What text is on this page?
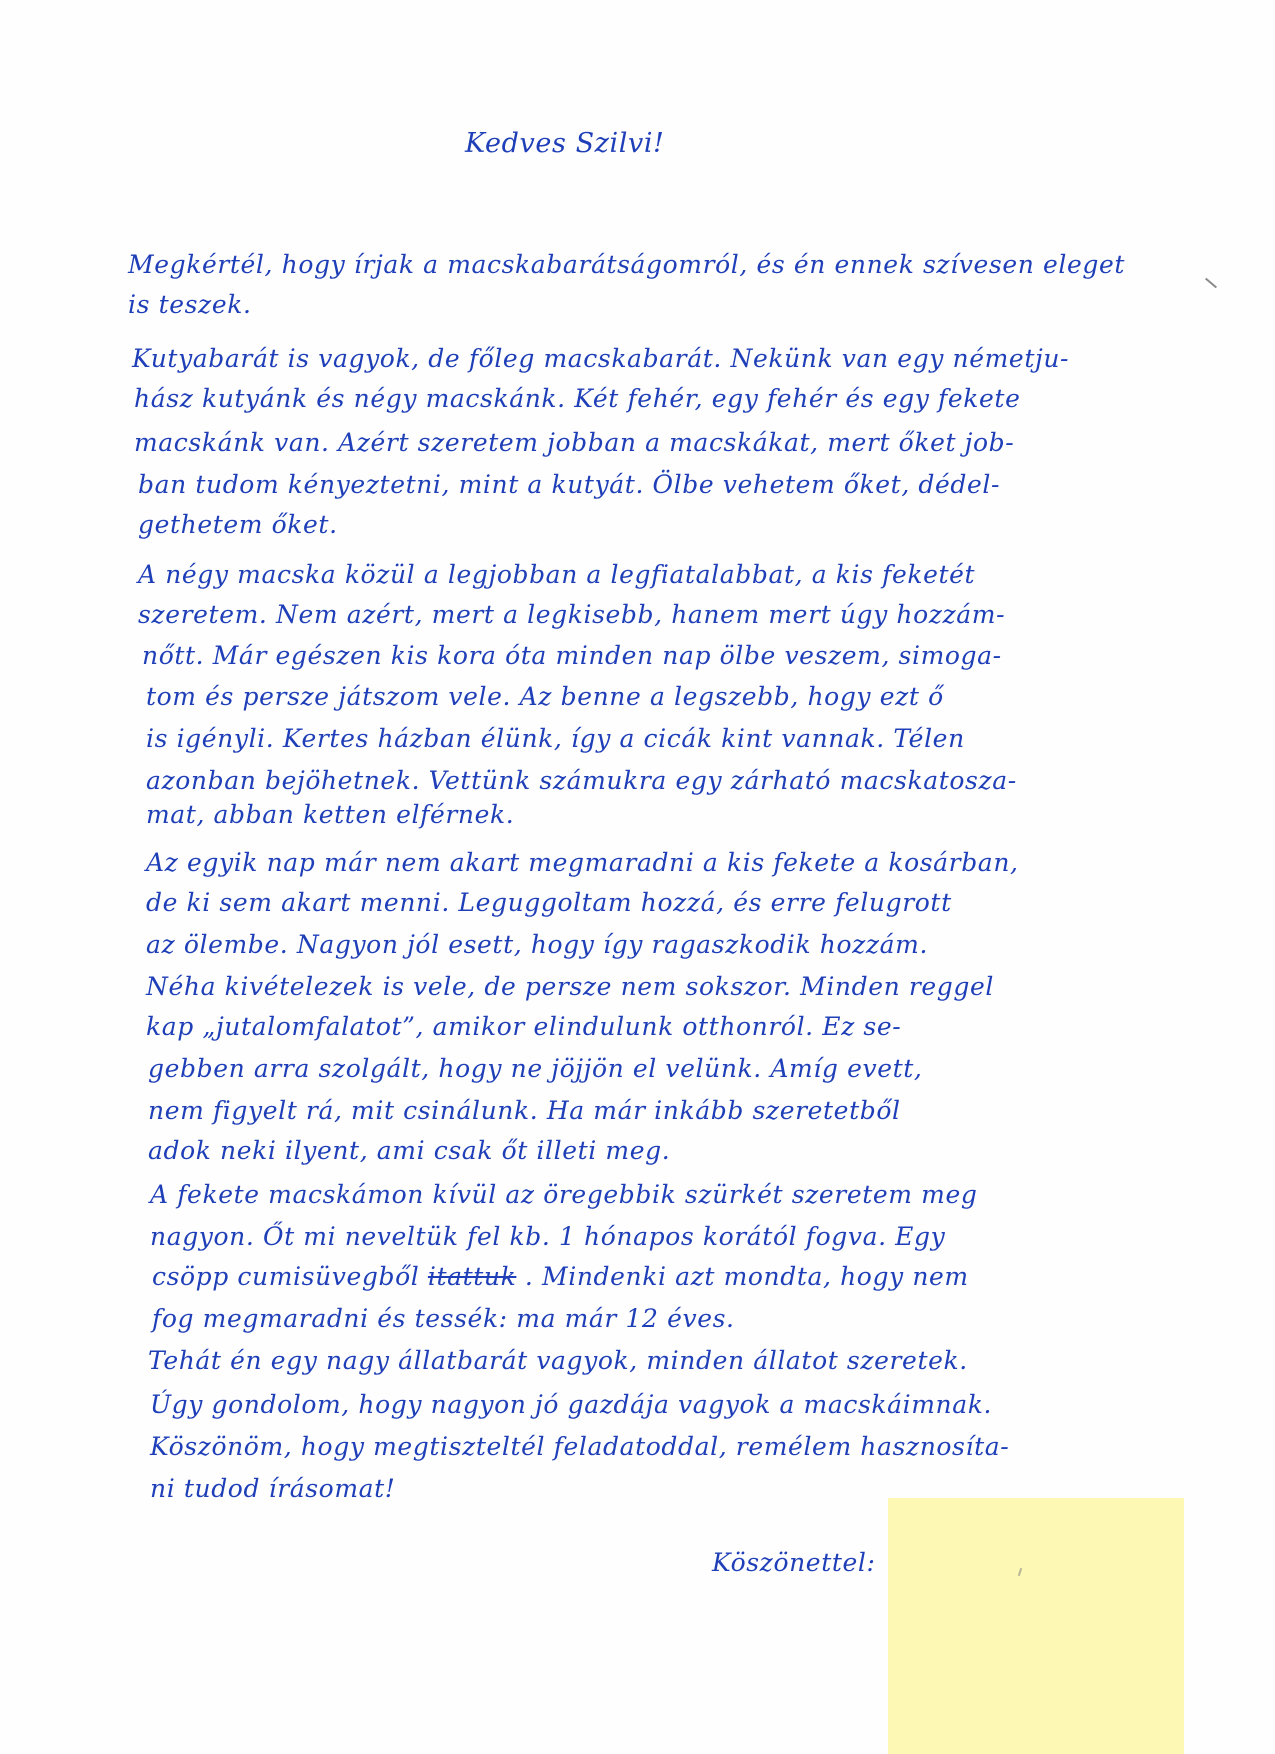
Kedves Szilvi!
Megkértél, hogy írjak a macskabarátságomról, és én ennek szívesen eleget
is teszek.
Kutyabarát is vagyok, de főleg macskabarát. Nekünk van egy németju-
hász kutyánk és négy macskánk. Két fehér, egy fehér és egy fekete
macskánk van. Azért szeretem jobban a macskákat, mert őket job-
ban tudom kényeztetni, mint a kutyát. Ölbe vehetem őket, dédel-
gethetem őket.
A négy macska közül a legjobban a legfiatalabbat, a kis feketét
szeretem. Nem azért, mert a legkisebb, hanem mert úgy hozzám-
nőtt. Már egészen kis kora óta minden nap ölbe veszem, simoga-
tom és persze játszom vele. Az benne a legszebb, hogy ezt ő
is igényli. Kertes házban élünk, így a cicák kint vannak. Télen
azonban bejöhetnek. Vettünk számukra egy zárható macskatosza-
mat, abban ketten elférnek.
Az egyik nap már nem akart megmaradni a kis fekete a kosárban,
de ki sem akart menni. Leguggoltam hozzá, és erre felugrott
az ölembe. Nagyon jól esett, hogy így ragaszkodik hozzám.
Néha kivételezek is vele, de persze nem sokszor. Minden reggel
kap „jutalomfalatot”, amikor elindulunk otthonról. Ez se-
gebben arra szolgált, hogy ne jöjjön el velünk. Amíg evett,
nem figyelt rá, mit csinálunk. Ha már inkább szeretetből
adok neki ilyent, ami csak őt illeti meg.
A fekete macskámon kívül az öregebbik szürkét szeretem meg
nagyon. Őt mi neveltük fel kb. 1 hónapos korától fogva. Egy
csöpp cumisüvegből itattuk . Mindenki azt mondta, hogy nem
fog megmaradni és tessék: ma már 12 éves.
Tehát én egy nagy állatbarát vagyok, minden állatot szeretek.
Úgy gondolom, hogy nagyon jó gazdája vagyok a macskáimnak.
Köszönöm, hogy megtiszteltél feladatoddal, remélem hasznosíta-
ni tudod írásomat!
Köszönettel:
